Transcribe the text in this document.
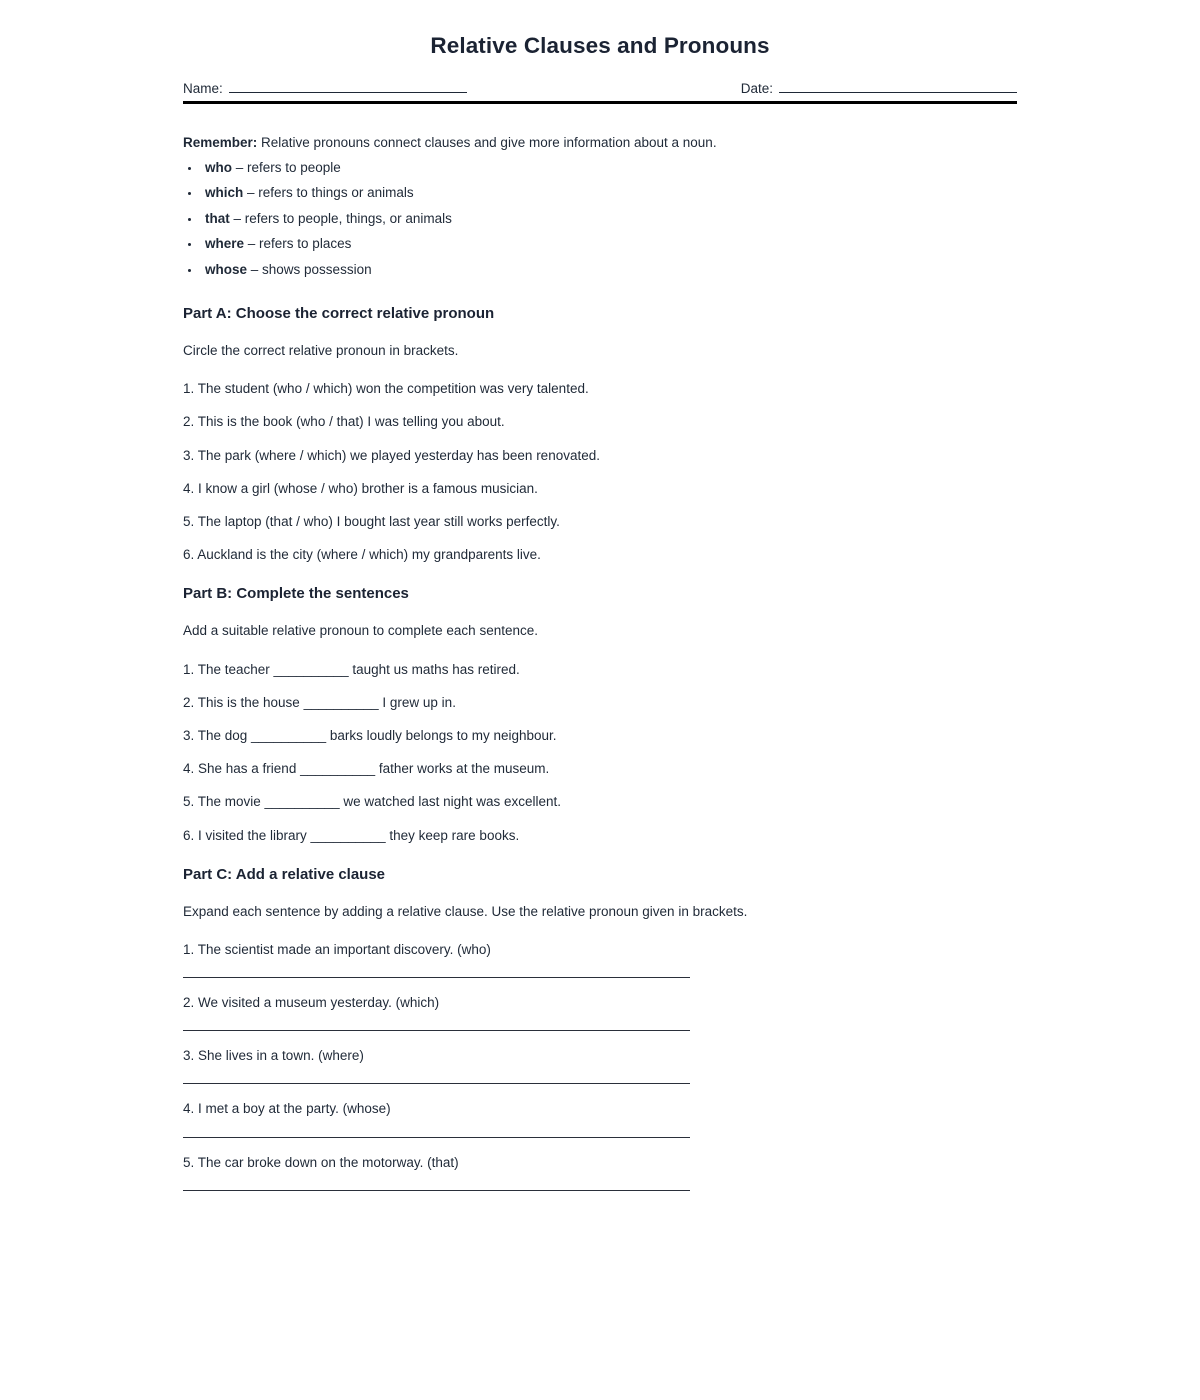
Relative Clauses and Pronouns
Name:	Date:

Remember: Relative pronouns connect clauses and give more information about a noun.

who – refers to people
which – refers to things or animals
that – refers to people, things, or animals
where – refers to places
whose – shows possession
Part A: Choose the correct relative pronoun

Circle the correct relative pronoun in brackets.

1. The student (who / which) won the competition was very talented.
2. This is the book (who / that) I was telling you about.
3. The park (where / which) we played yesterday has been renovated.
4. I know a girl (whose / who) brother is a famous musician.
5. The laptop (that / who) I bought last year still works perfectly.
6. Auckland is the city (where / which) my grandparents live.
Part B: Complete the sentences

Add a suitable relative pronoun to complete each sentence.

1. The teacher __________ taught us maths has retired.
2. This is the house __________ I grew up in.
3. The dog __________ barks loudly belongs to my neighbour.
4. She has a friend __________ father works at the museum.
5. The movie __________ we watched last night was excellent.
6. I visited the library __________ they keep rare books.
Part C: Add a relative clause

Expand each sentence by adding a relative clause. Use the relative pronoun given in brackets.

1. The scientist made an important discovery. (who)
2. We visited a museum yesterday. (which)
3. She lives in a town. (where)
4. I met a boy at the party. (whose)
5. The car broke down on the motorway. (that)
